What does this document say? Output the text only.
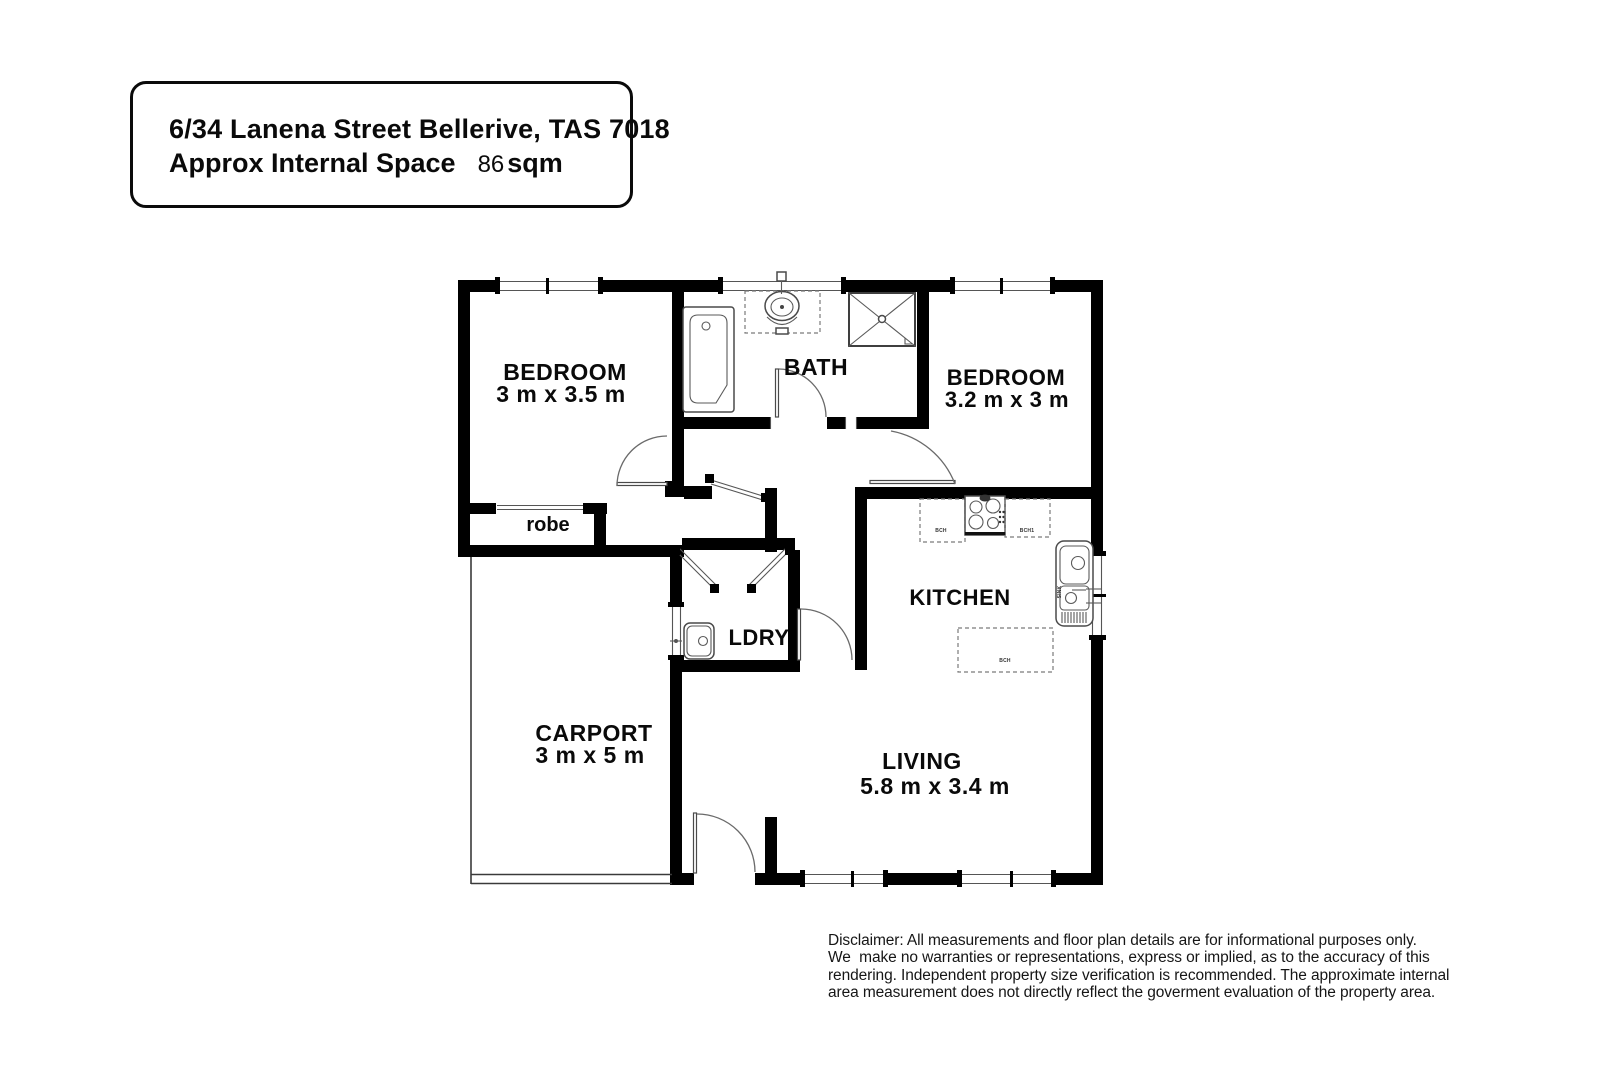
6/34 Lanena Street Bellerive, TAS 7018
Approx Internal Space 86 sqm
BEDROOM
3 m x 3.5 m
BATH	BEDROOM
3.2 m x 3 m
robe
KITCHEN
LDRY
CARPORT
3 m x 5 m	LIVING
5.8 m x 3.4 m
BCH	BCH1
BCH
SINK
Disclaimer: All measurements and floor plan details are for informational purposes only.
We  make no warranties or representations, express or implied, as to the accuracy of this
rendering. Independent property size verification is recommended. The approximate internal
area measurement does not directly reflect the goverment evaluation of the property area.
